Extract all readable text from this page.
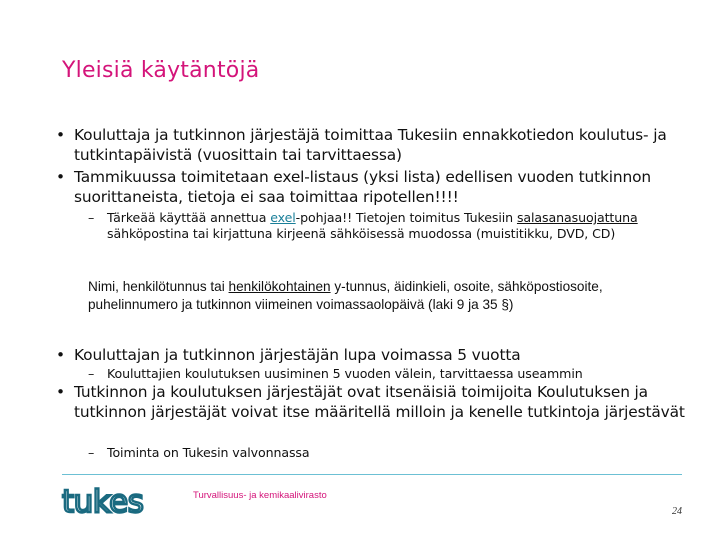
Yleisiä käytäntöjä
• Kouluttaja ja tutkinnon järjestäjä toimittaa Tukesiin ennakkotiedon koulutus- ja tutkintapäivistä (vuosittain tai tarvittaessa)
• Tammikuussa toimitetaan exel-listaus (yksi lista) edellisen vuoden tutkinnon suorittaneista, tietoja ei saa toimittaa ripotellen!!!!
– Tärkeää käyttää annettua exel-pohjaa!! Tietojen toimitus Tukesiin salasanasuojattuna sähköpostina tai kirjattuna kirjeenä sähköisessä muodossa (muistitikku, DVD, CD)
Nimi, henkilötunnus tai henkilökohtainen y-tunnus, äidinkieli, osoite, sähköpostiosoite, puhelinnumero ja tutkinnon viimeinen voimassaolopäivä (laki 9 ja 35 §)
• Kouluttajan ja tutkinnon järjestäjän lupa voimassa 5 vuotta
– Kouluttajien koulutuksen uusiminen 5 vuoden välein, tarvittaessa useammin
• Tutkinnon ja koulutuksen järjestäjät ovat itsenäisiä toimijoita Koulutuksen ja tutkinnon järjestäjät voivat itse määritellä milloin ja kenelle tutkintoja järjestävät
– Toiminta on Tukesin valvonnassa
tukes	Turvallisuus- ja kemikaalivirasto
24
